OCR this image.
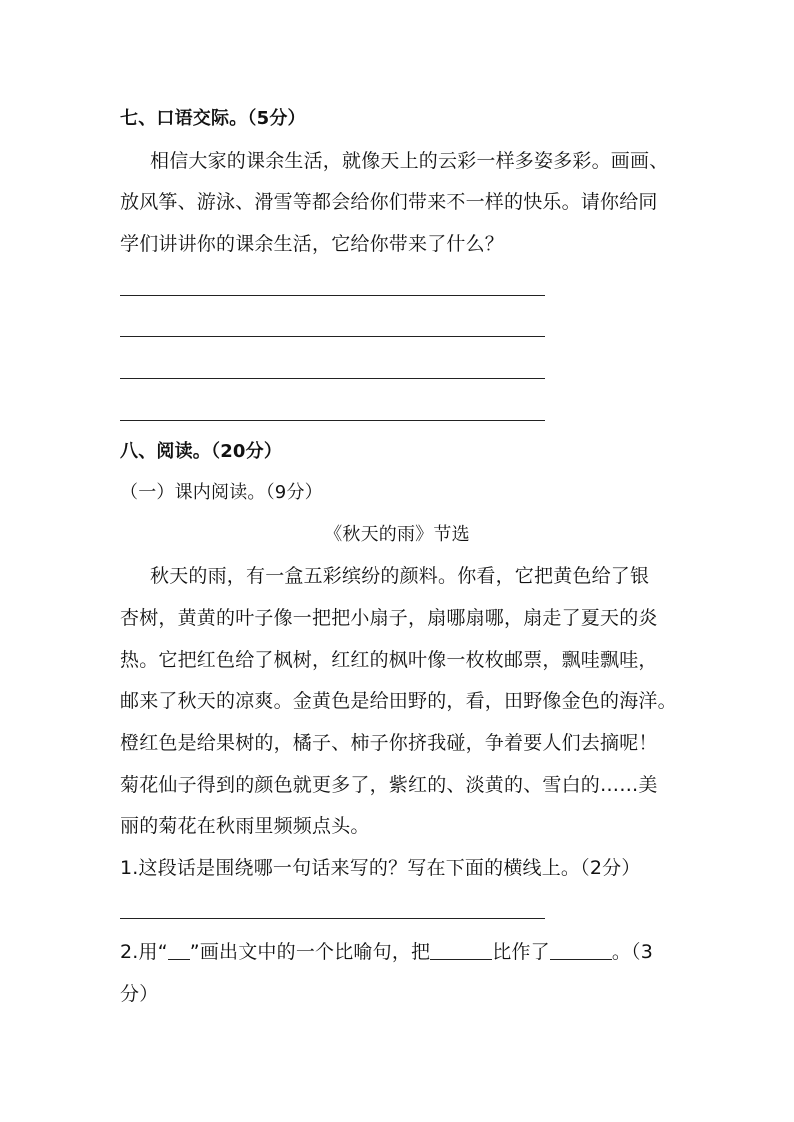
七、口语交际。（5分）
相信大家的课余生活，就像天上的云彩一样多姿多彩。画画、
放风筝、游泳、滑雪等都会给你们带来不一样的快乐。请你给同
学们讲讲你的课余生活，它给你带来了什么？
八、阅读。（20分）
（一）课内阅读。（9分）
《秋天的雨》节选
秋天的雨，有一盒五彩缤纷的颜料。你看，它把黄色给了银
杏树，黄黄的叶子像一把把小扇子，扇哪扇哪，扇走了夏天的炎
热。它把红色给了枫树，红红的枫叶像一枚枚邮票，飘哇飘哇，
邮来了秋天的凉爽。金黄色是给田野的，看，田野像金色的海洋。
橙红色是给果树的，橘子、柿子你挤我碰，争着要人们去摘呢！
菊花仙子得到的颜色就更多了，紫红的、淡黄的、雪白的……美
丽的菊花在秋雨里频频点头。
1.这段话是围绕哪一句话来写的？写在下面的横线上。（2分）
2.用“ ”画出文中的一个比喻句，把	比作了	。（3
分）
